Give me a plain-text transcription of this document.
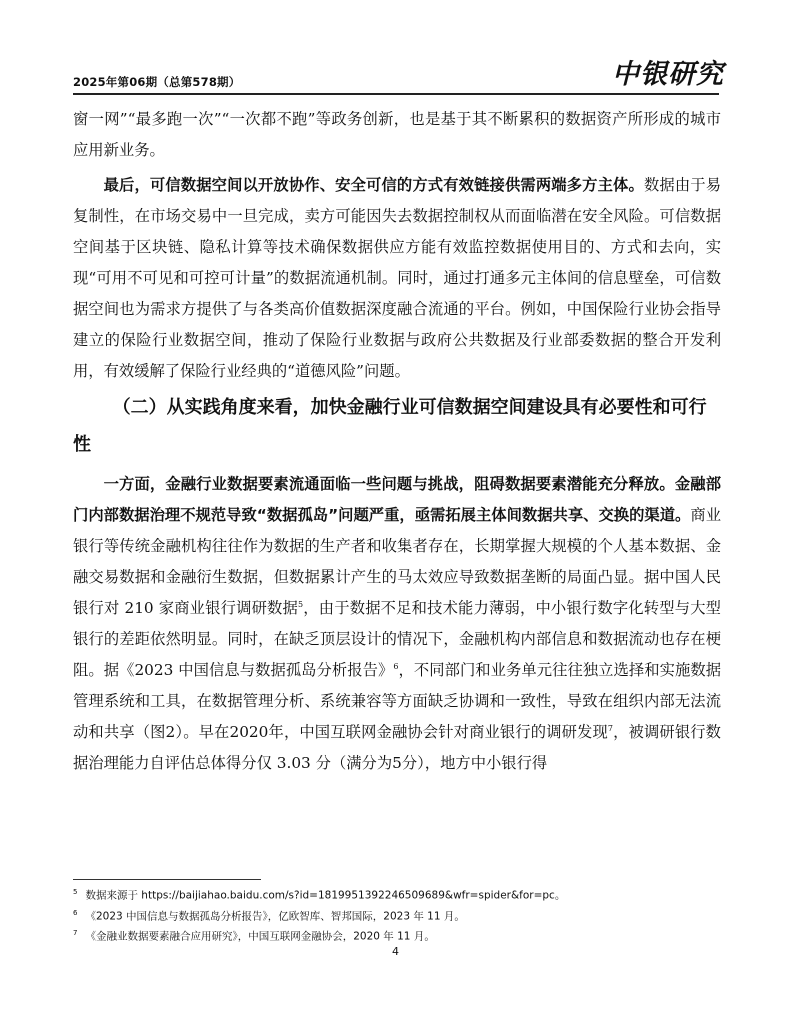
2025年第06期（总第578期）	中银研究

窗一网”“最多跑一次”“一次都不跑”等政务创新，也是基于其不断累积的数据资产所形成的城市应用新业务。

最后，可信数据空间以开放协作、安全可信的方式有效链接供需两端多方主体。数据由于易复制性，在市场交易中一旦完成，卖方可能因失去数据控制权从而面临潜在安全风险。可信数据空间基于区块链、隐私计算等技术确保数据供应方能有效监控数据使用目的、方式和去向，实现“可用不可见和可控可计量”的数据流通机制。同时，通过打通多元主体间的信息壁垒，可信数据空间也为需求方提供了与各类高价值数据深度融合流通的平台。例如，中国保险行业协会指导建立的保险行业数据空间，推动了保险行业数据与政府公共数据及行业部委数据的整合开发利用，有效缓解了保险行业经典的“道德风险”问题。

（二）从实践角度来看，加快金融行业可信数据空间建设具有必要性和可行性

一方面，金融行业数据要素流通面临一些问题与挑战，阻碍数据要素潜能充分释放。金融部门内部数据治理不规范导致“数据孤岛”问题严重，亟需拓展主体间数据共享、交换的渠道。商业银行等传统金融机构往往作为数据的生产者和收集者存在，长期掌握大规模的个人基本数据、金融交易数据和金融衍生数据，但数据累计产生的马太效应导致数据垄断的局面凸显。据中国人民银行对 210 家商业银行调研数据$^5$，由于数据不足和技术能力薄弱，中小银行数字化转型与大型银行的差距依然明显。同时，在缺乏顶层设计的情况下，金融机构内部信息和数据流动也存在梗阻。据《2023 中国信息与数据孤岛分析报告》$^6$，不同部门和业务单元往往独立选择和实施数据管理系统和工具，在数据管理分析、系统兼容等方面缺乏协调和一致性，导致在组织内部无法流动和共享（图2）。早在2020年，中国互联网金融协会针对商业银行的调研发现$^7$，被调研银行数据治理能力自评估总体得分仅 3.03 分（满分为5分），地方中小银行得

$^5$ 数据来源于 https://baijiahao.baidu.com/s?id=1819951392246509689&wfr=spider&for=pc。
$^6$ 《2023 中国信息与数据孤岛分析报告》，亿欧智库、智邦国际，2023 年 11 月。
$^7$ 《金融业数据要素融合应用研究》，中国互联网金融协会，2020 年 11 月。
4
